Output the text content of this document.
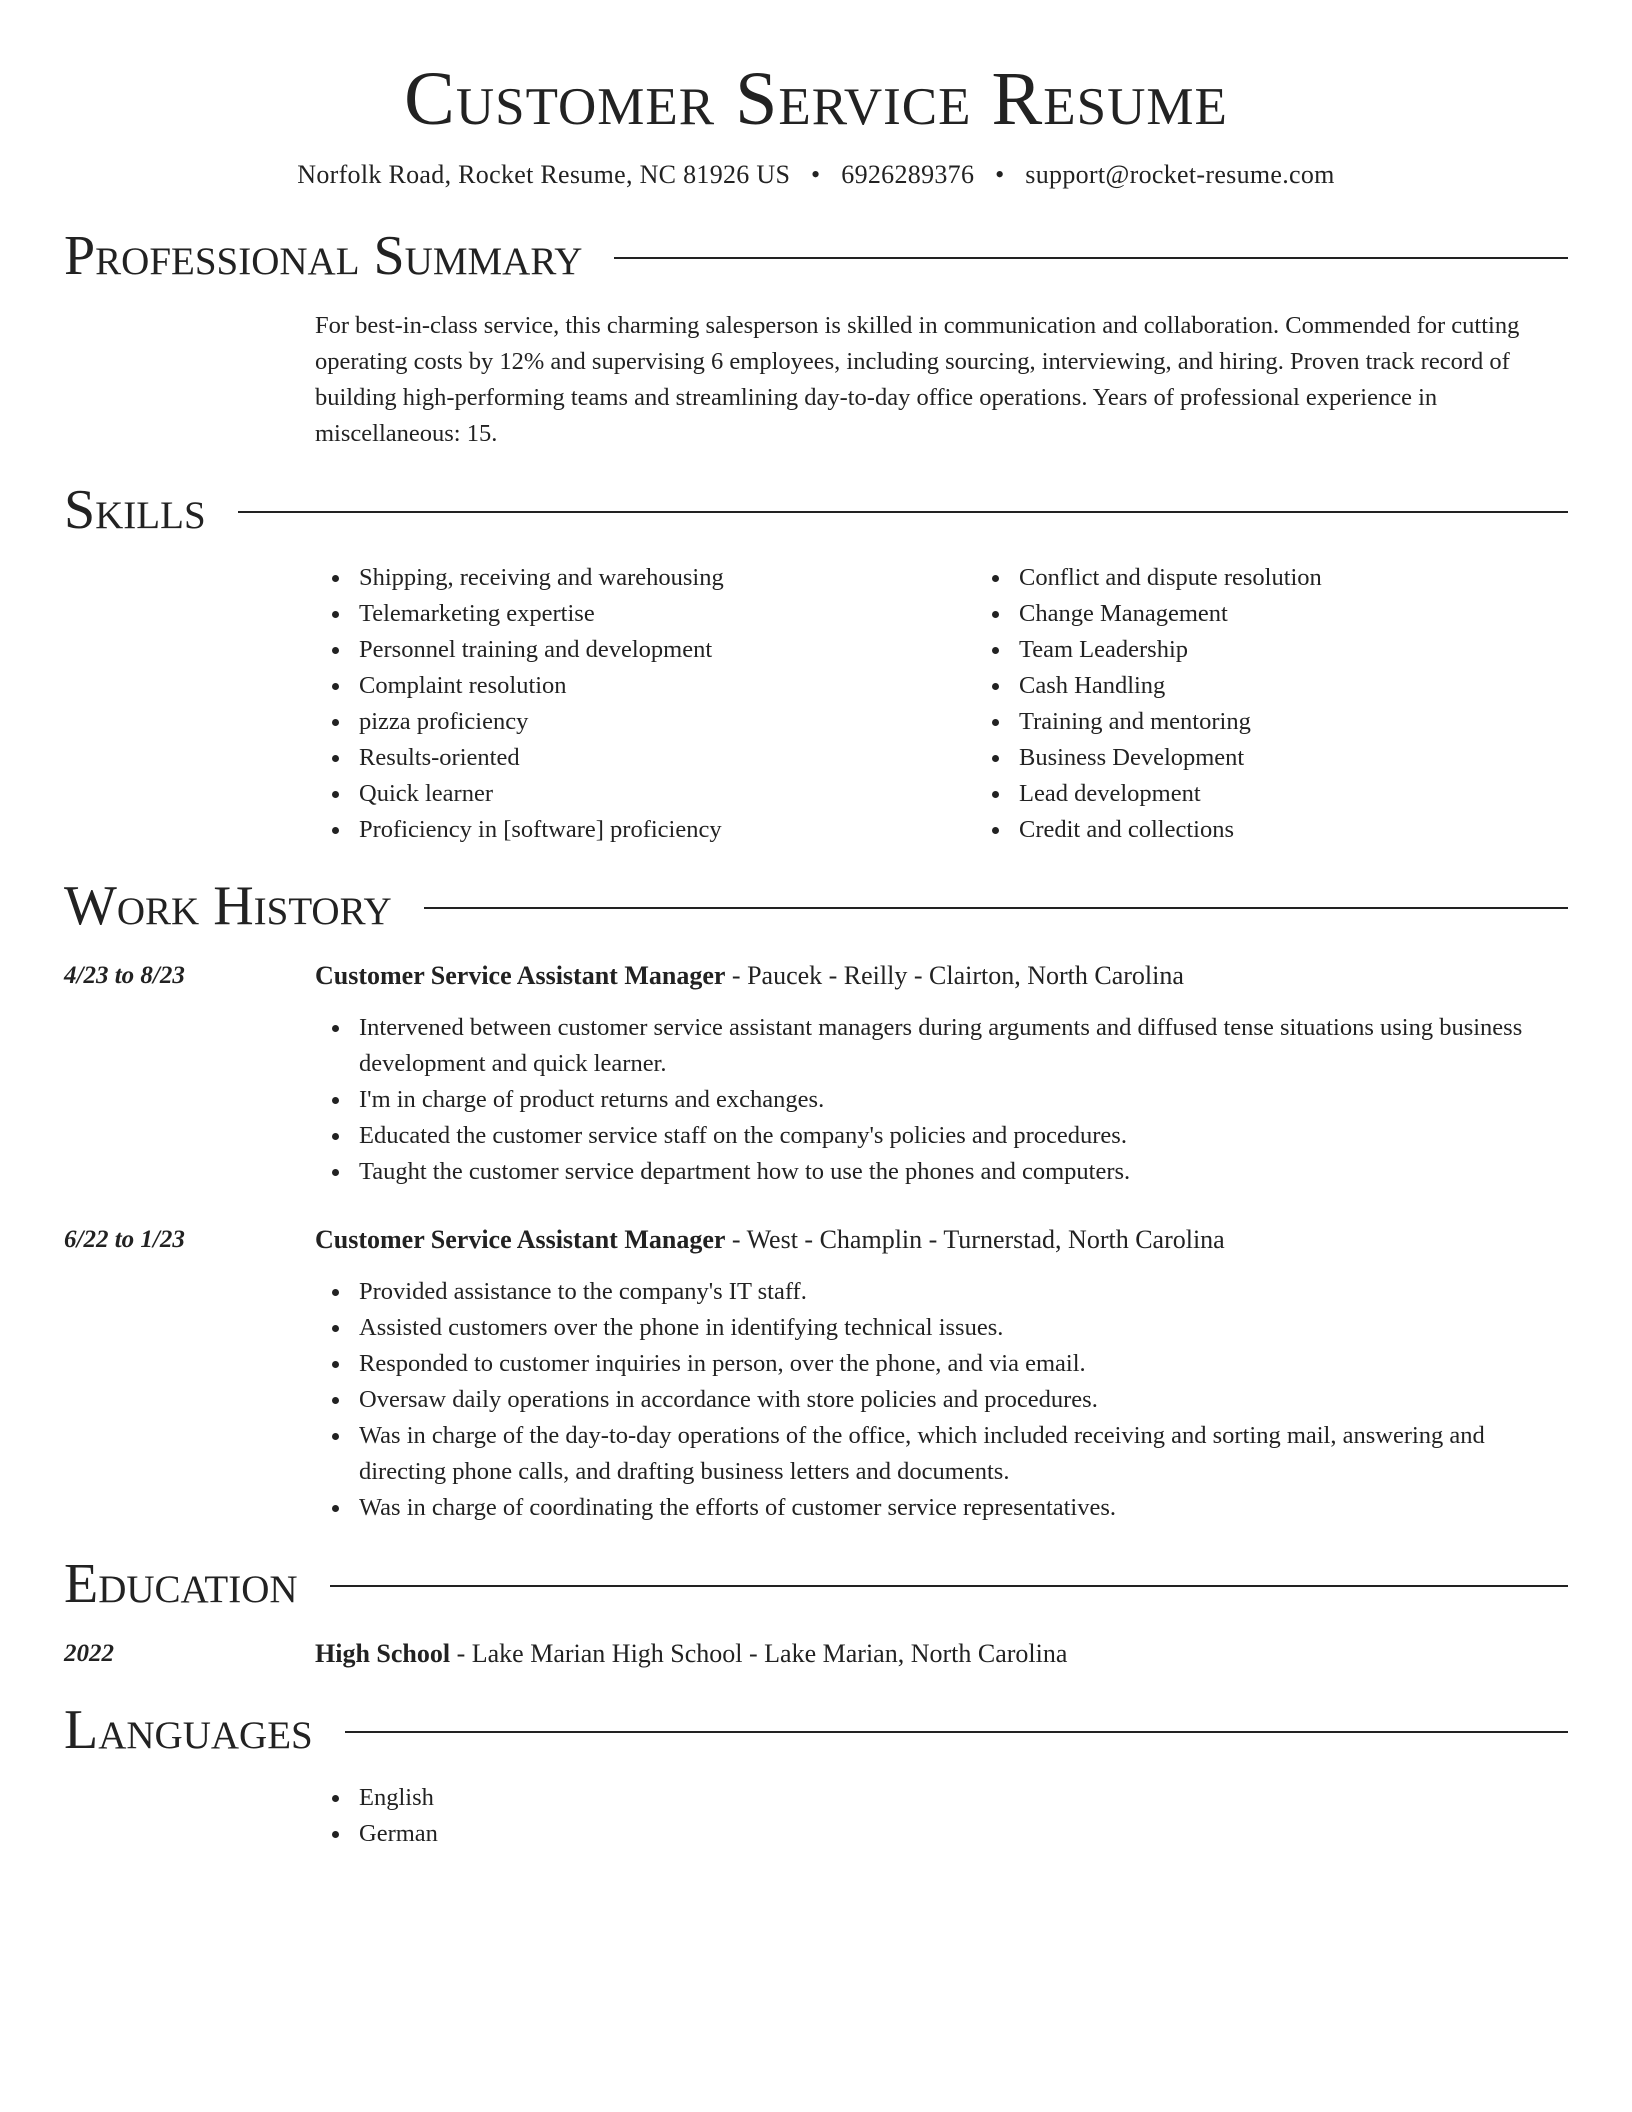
Customer Service Resume
Norfolk Road, Rocket Resume, NC 81926 US • 6926289376 • support@rocket-resume.com
Professional Summary
For best-in-class service, this charming salesperson is skilled in communication and collaboration. Commended for cutting operating costs by 12% and supervising 6 employees, including sourcing, interviewing, and hiring. Proven track record of building high-performing teams and streamlining day-to-day office operations. Years of professional experience in miscellaneous: 15.
Skills
Shipping, receiving and warehousing
Telemarketing expertise
Personnel training and development
Complaint resolution
pizza proficiency
Results-oriented
Quick learner
Proficiency in [software] proficiency
Conflict and dispute resolution
Change Management
Team Leadership
Cash Handling
Training and mentoring
Business Development
Lead development
Credit and collections
Work History
4/23 to 8/23	Customer Service Assistant Manager - Paucek - Reilly - Clairton, North Carolina
Intervened between customer service assistant managers during arguments and diffused tense situations using business development and quick learner.
I'm in charge of product returns and exchanges.
Educated the customer service staff on the company's policies and procedures.
Taught the customer service department how to use the phones and computers.
6/22 to 1/23	Customer Service Assistant Manager - West - Champlin - Turnerstad, North Carolina
Provided assistance to the company's IT staff.
Assisted customers over the phone in identifying technical issues.
Responded to customer inquiries in person, over the phone, and via email.
Oversaw daily operations in accordance with store policies and procedures.
Was in charge of the day-to-day operations of the office, which included receiving and sorting mail, answering and directing phone calls, and drafting business letters and documents.
Was in charge of coordinating the efforts of customer service representatives.
Education
2022	High School - Lake Marian High School - Lake Marian, North Carolina
Languages
English
German
